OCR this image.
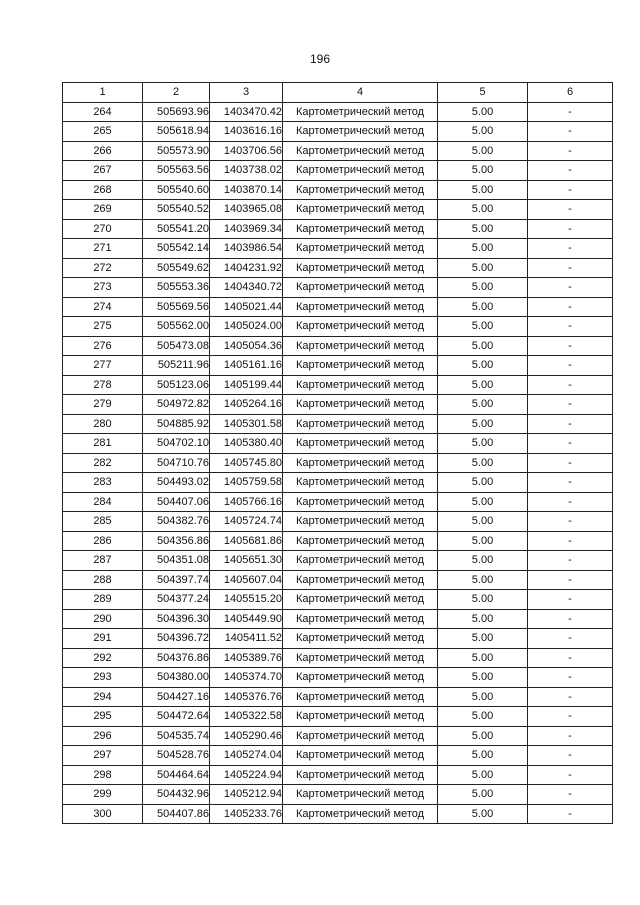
196
1	2	3	4	5	6
264	505693.96	1403470.42	Картометрический метод	5.00	-
265	505618.94	1403616.16	Картометрический метод	5.00	-
266	505573.90	1403706.56	Картометрический метод	5.00	-
267	505563.56	1403738.02	Картометрический метод	5.00	-
268	505540.60	1403870.14	Картометрический метод	5.00	-
269	505540.52	1403965.08	Картометрический метод	5.00	-
270	505541.20	1403969.34	Картометрический метод	5.00	-
271	505542.14	1403986.54	Картометрический метод	5.00	-
272	505549.62	1404231.92	Картометрический метод	5.00	-
273	505553.36	1404340.72	Картометрический метод	5.00	-
274	505569.56	1405021.44	Картометрический метод	5.00	-
275	505562.00	1405024.00	Картометрический метод	5.00	-
276	505473.08	1405054.36	Картометрический метод	5.00	-
277	505211.96	1405161.16	Картометрический метод	5.00	-
278	505123.06	1405199.44	Картометрический метод	5.00	-
279	504972.82	1405264.16	Картометрический метод	5.00	-
280	504885.92	1405301.58	Картометрический метод	5.00	-
281	504702.10	1405380.40	Картометрический метод	5.00	-
282	504710.76	1405745.80	Картометрический метод	5.00	-
283	504493.02	1405759.58	Картометрический метод	5.00	-
284	504407.06	1405766.16	Картометрический метод	5.00	-
285	504382.76	1405724.74	Картометрический метод	5.00	-
286	504356.86	1405681.86	Картометрический метод	5.00	-
287	504351.08	1405651.30	Картометрический метод	5.00	-
288	504397.74	1405607.04	Картометрический метод	5.00	-
289	504377.24	1405515.20	Картометрический метод	5.00	-
290	504396.30	1405449.90	Картометрический метод	5.00	-
291	504396.72	1405411.52	Картометрический метод	5.00	-
292	504376.86	1405389.76	Картометрический метод	5.00	-
293	504380.00	1405374.70	Картометрический метод	5.00	-
294	504427.16	1405376.76	Картометрический метод	5.00	-
295	504472.64	1405322.58	Картометрический метод	5.00	-
296	504535.74	1405290.46	Картометрический метод	5.00	-
297	504528.76	1405274.04	Картометрический метод	5.00	-
298	504464.64	1405224.94	Картометрический метод	5.00	-
299	504432.96	1405212.94	Картометрический метод	5.00	-
300	504407.86	1405233.76	Картометрический метод	5.00	-
